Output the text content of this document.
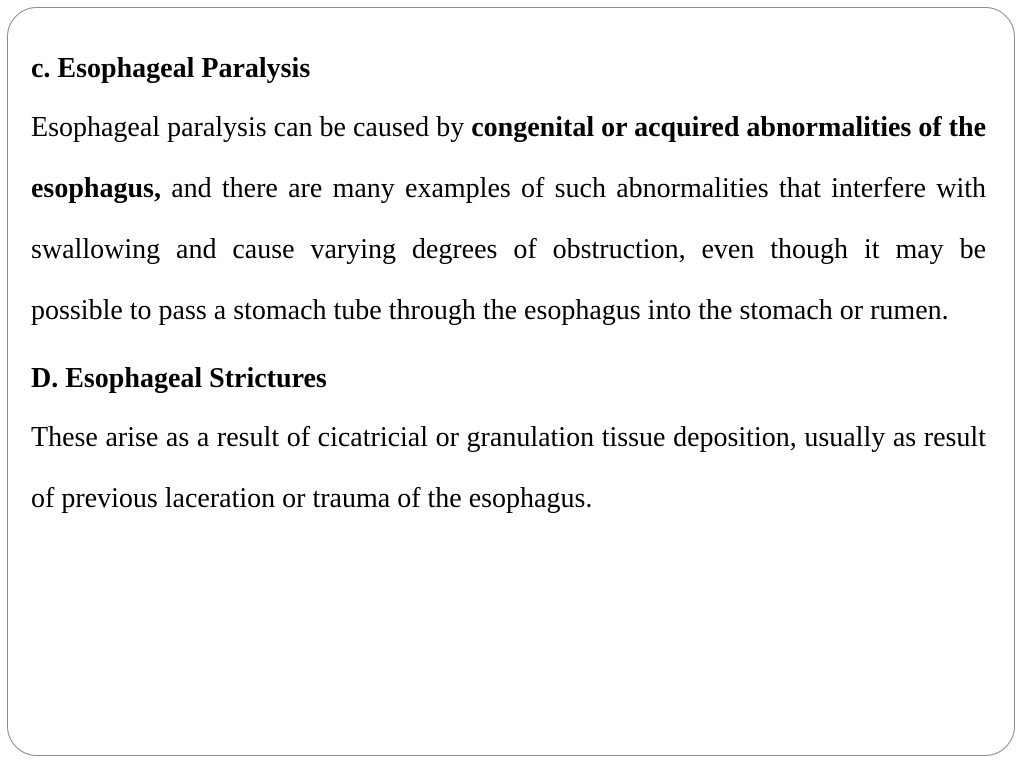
c. Esophageal Paralysis

Esophageal paralysis can be caused by congenital or acquired abnormalities of the esophagus, and there are many examples of such abnormalities that interfere with swallowing and cause varying degrees of obstruction, even though it may be possible to pass a stomach tube through the esophagus into the stomach or rumen.

D. Esophageal Strictures

These arise as a result of cicatricial or granulation tissue deposition, usually as result of previous laceration or trauma of the esophagus.
